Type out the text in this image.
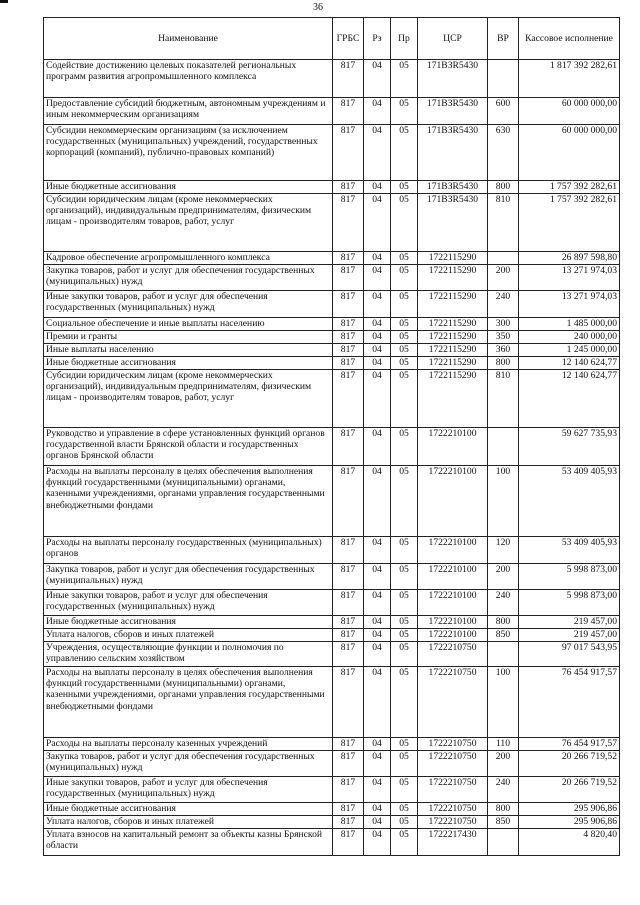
36
Наименование	ГРБС	Рз	Пр	ЦСР	ВР	Кассовое исполнение
Содействие достижению целевых показателей региональных программ развития агропромышленного комплекса	817	04	05	171ВЗR5430		1 817 392 282,61
Предоставление субсидий бюджетным, автономным учреждениям и иным некоммерческим организациям	817	04	05	171ВЗR5430	600	60 000 000,00
Субсидии некоммерческим организациям (за исключением государственных (муниципальных) учреждений, государственных корпораций (компаний), публично-правовых компаний)	817	04	05	171ВЗR5430	630	60 000 000,00
Иные бюджетные ассигнования	817	04	05	171ВЗR5430	800	1 757 392 282,61
Субсидии юридическим лицам (кроме некоммерческих организаций), индивидуальным предпринимателям, физическим лицам - производителям товаров, работ, услуг	817	04	05	171ВЗR5430	810	1 757 392 282,61
Кадровое обеспечение агропромышленного комплекса	817	04	05	1722115290		26 897 598,80
Закупка товаров, работ и услуг для обеспечения государственных (муниципальных) нужд	817	04	05	1722115290	200	13 271 974,03
Иные закупки товаров, работ и услуг для обеспечения государственных (муниципальных) нужд	817	04	05	1722115290	240	13 271 974,03
Социальное обеспечение и иные выплаты населению	817	04	05	1722115290	300	1 485 000,00
Премии и гранты	817	04	05	1722115290	350	240 000,00
Иные выплаты населению	817	04	05	1722115290	360	1 245 000,00
Иные бюджетные ассигнования	817	04	05	1722115290	800	12 140 624,77
Субсидии юридическим лицам (кроме некоммерческих организаций), индивидуальным предпринимателям, физическим лицам - производителям товаров, работ, услуг	817	04	05	1722115290	810	12 140 624,77
Руководство и управление в сфере установленных функций органов государственной власти Брянской области и государственных органов Брянской области	817	04	05	1722210100		59 627 735,93
Расходы на выплаты персоналу в целях обеспечения выполнения функций государственными (муниципальными) органами, казенными учреждениями, органами управления государственными внебюджетными фондами	817	04	05	1722210100	100	53 409 405,93
Расходы на выплаты персоналу государственных (муниципальных) органов	817	04	05	1722210100	120	53 409 405,93
Закупка товаров, работ и услуг для обеспечения государственных (муниципальных) нужд	817	04	05	1722210100	200	5 998 873,00
Иные закупки товаров, работ и услуг для обеспечения государственных (муниципальных) нужд	817	04	05	1722210100	240	5 998 873,00
Иные бюджетные ассигнования	817	04	05	1722210100	800	219 457,00
Уплата налогов, сборов и иных платежей	817	04	05	1722210100	850	219 457,00
Учреждения, осуществляющие функции и полномочия по управлению сельским хозяйством	817	04	05	1722210750		97 017 543,95
Расходы на выплаты персоналу в целях обеспечения выполнения функций государственными (муниципальными) органами, казенными учреждениями, органами управления государственными внебюджетными фондами	817	04	05	1722210750	100	76 454 917,57
Расходы на выплаты персоналу казенных учреждений	817	04	05	1722210750	110	76 454 917,57
Закупка товаров, работ и услуг для обеспечения государственных (муниципальных) нужд	817	04	05	1722210750	200	20 266 719,52
Иные закупки товаров, работ и услуг для обеспечения государственных (муниципальных) нужд	817	04	05	1722210750	240	20 266 719,52
Иные бюджетные ассигнования	817	04	05	1722210750	800	295 906,86
Уплата налогов, сборов и иных платежей	817	04	05	1722210750	850	295 906,86
Уплата взносов на капитальный ремонт за объекты казны Брянской области	817	04	05	1722217430		4 820,40
